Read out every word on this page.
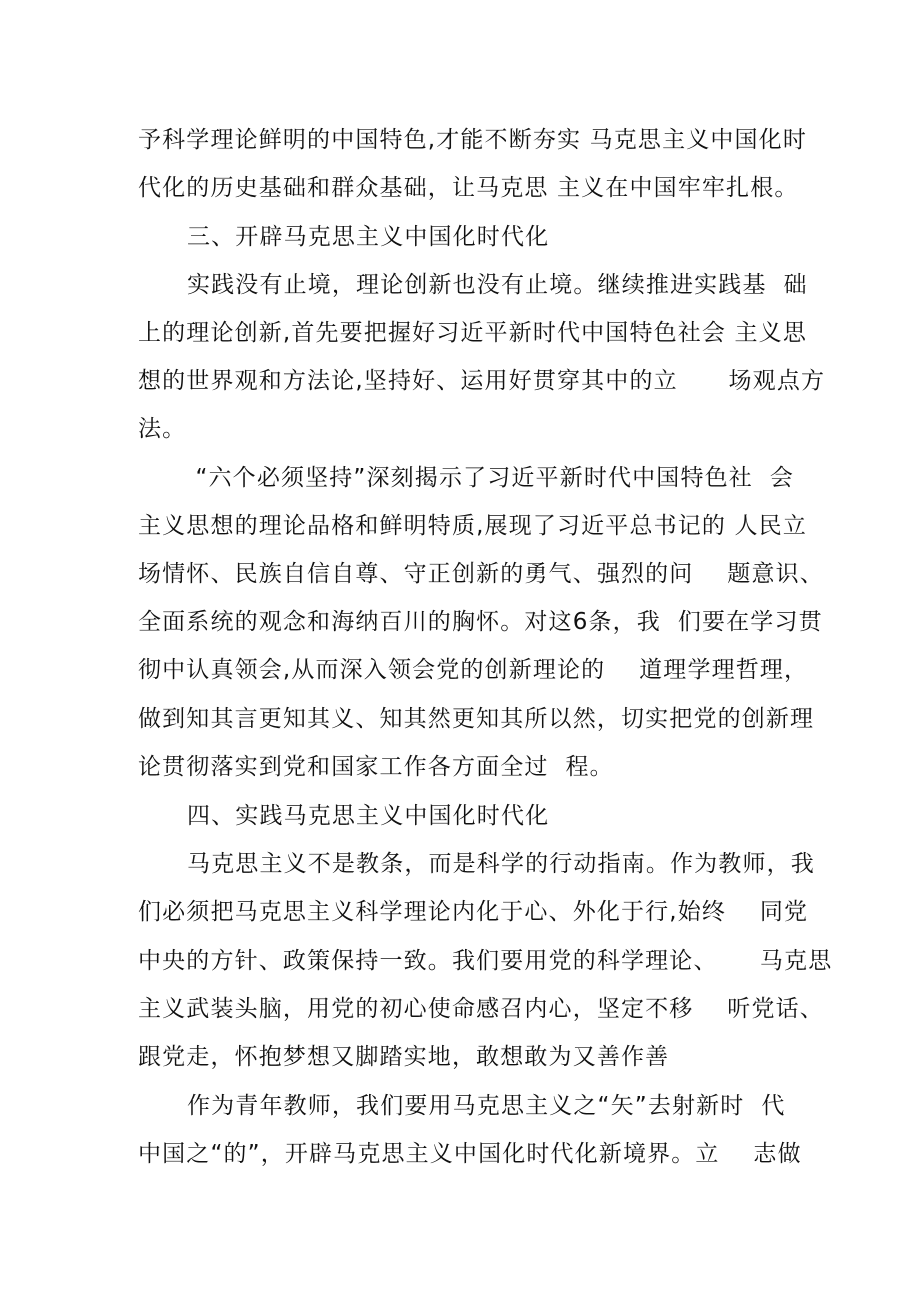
予科学理论鲜明的中国特色,才能不断夯实 马克思主义中国化时
代化的历史基础和群众基础，让马克思 主义在中国牢牢扎根。
三、开辟马克思主义中国化时代化
实践没有止境，理论创新也没有止境。继续推进实践基  础
上的理论创新,首先要把握好习近平新时代中国特色社会 主义思
想的世界观和方法论,坚持好、运用好贯穿其中的立      场观点方
法。
“六个必须坚持”深刻揭示了习近平新时代中国特色社  会
主义思想的理论品格和鲜明特质,展现了习近平总书记的 人民立
场情怀、民族自信自尊、守正创新的勇气、强烈的问    题意识、
全面系统的观念和海纳百川的胸怀。对这6条，我  们要在学习贯
彻中认真领会,从而深入领会党的创新理论的    道理学理哲理，
做到知其言更知其义、知其然更知其所以然，切实把党的创新理
论贯彻落实到党和国家工作各方面全过  程。
四、实践马克思主义中国化时代化
马克思主义不是教条，而是科学的行动指南。作为教师，我
们必须把马克思主义科学理论内化于心、外化于行,始终    同党
中央的方针、政策保持一致。我们要用党的科学理论、     马克思
主义武装头脑，用党的初心使命感召内心，坚定不移    听党话、
跟党走，怀抱梦想又脚踏实地，敢想敢为又善作善
作为青年教师，我们要用马克思主义之“矢”去射新时  代
中国之“的”，开辟马克思主义中国化时代化新境界。立    志做
